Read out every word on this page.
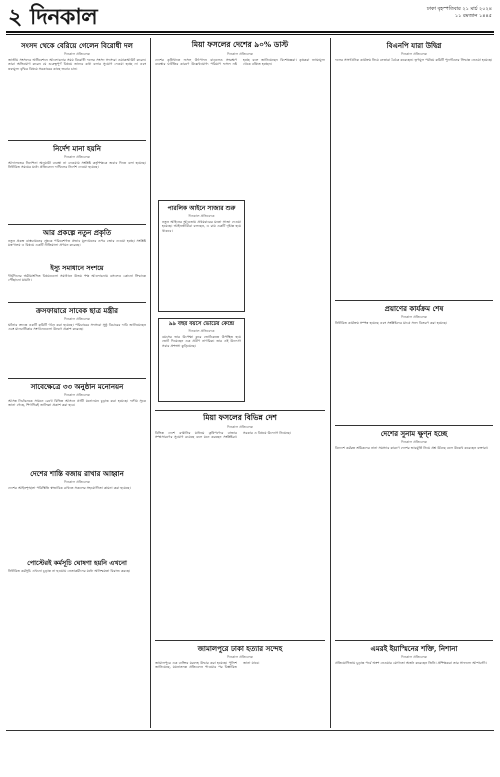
২ দিনকাল	ঢাকা বৃহস্পতিবার ২১ মার্চ ২০২৪
১১ রমজান ১৪৪৫
সংসদ থেকে বেরিয়ে গেলেন বিরোধী দল
দিনকাল প্রতিবেদক
জাতীয় সংসদের অধিবেশনে আলোচনার সময় বিরোধী দলের সংসদ সদস্যরা ওয়াকআউট করেন। তারা অভিযোগ করেন যে গুরুত্বপূর্ণ বিষয়ে তাদের কথা বলার সুযোগ দেওয়া হচ্ছে না এবং দ্রব্যমূল্য বৃদ্ধির বিষয়ে সরকারের কাছে জবাব চান।
নির্দেশ মানা হয়নি
দিনকাল প্রতিবেদক
আদালতের নির্দেশনা অনুযায়ী ব্যবস্থা না নেওয়ায় সংশ্লিষ্ট কর্তৃপক্ষকে জবাব দিতে বলা হয়েছে। নির্ধারিত সময়ের মধ্যে প্রতিবেদন দাখিলের নির্দেশ দেওয়া হয়েছে।
আর প্রকল্পে নতুন প্রকৃতি
নতুন প্রকল্প বাস্তবায়নের ক্ষেত্রে পরিবেশগত প্রভাব মূল্যায়নের ওপর জোর দেওয়া হচ্ছে। সংশ্লিষ্ট মন্ত্রণালয় এ বিষয়ে একটি নীতিমালা প্রণয়ন করেছে।
ইস্যু সমাধানে সংশয়ে
দীর্ঘদিনের অমীমাংসিত বিষয়গুলো সমাধানে উভয় পক্ষ আলোচনায় বসলেও কোনো সিদ্ধান্তে পৌঁছানো যায়নি।
ক্রসফায়ারে সাবেক ছাত্র মন্ত্রীর
দিনকাল প্রতিবেদক
ঘটনার তদন্তে একটি কমিটি গঠন করা হয়েছে। পরিবারের সদস্যরা সুষ্ঠু বিচারের দাবি জানিয়েছেন এবং মানবাধিকার সংগঠনগুলো উদ্বেগ প্রকাশ করেছে।
সাবেক্ষেত্রে ৩৩ অনুষ্ঠান মনোনয়ন
দিনকাল প্রতিবেদক
আসন্ন নির্বাচনকে সামনে রেখে বিভিন্ন আসনে প্রার্থী মনোনয়ন চূড়ান্ত করা হয়েছে। দলীয় সূত্রে জানা গেছে, শিগগিরই তালিকা প্রকাশ করা হবে।
দেশের শান্তি বজায় রাখার আহ্বান
দিনকাল প্রতিবেদক
দেশের আইনশৃঙ্খলা পরিস্থিতি স্বাভাবিক রাখতে সকলের সহযোগিতা কামনা করা হয়েছে।
পোস্টেরই কর্মসূচি ঘোষণা হয়নি এখনো
নির্ধারিত কর্মসূচি এখনো চূড়ান্ত না হওয়ায় নেতাকর্মীদের মধ্যে অনিশ্চয়তা বিরাজ করছে।
মিয়া ফসলের দেশের ৯০% ডাস্ট
দিনকাল প্রতিবেদক
দেশের কৃষিখাতে ফসল উৎপাদন বাড়লেও সংরক্ষণ ব্যবস্থার ঘাটতির কারণে উল্লেখযোগ্য পরিমাণ ফসল নষ্ট হচ্ছে বলে জানিয়েছেন বিশেষজ্ঞরা। কৃষকরা ন্যায্যমূল্য থেকে বঞ্চিত হচ্ছেন।
পারলিক আইনে সাজার শুরু
দিনকাল প্রতিবেদক
নতুন আইনের আওতায় প্রথমবারের মতো সাজা দেওয়া হয়েছে। আইনজীবীরা বলছেন, এ রায় একটি দৃষ্টান্ত হয়ে থাকবে।
৯৯ বছর বয়সে ভোটের কেন্দ্রে
দিনকাল প্রতিবেদক
বয়সের ভার উপেক্ষা করে ভোটকেন্দ্রে উপস্থিত হয়ে ভোট দিয়েছেন এক প্রবীণ নাগরিক। তার এই উদ্যোগ সবার প্রশংসা কুড়িয়েছে।
মিয়া ফসলের বিভিন্ন দেশ
দিনকাল প্রতিবেদক
বিভিন্ন দেশে রপ্তানির মাধ্যমে কৃষিপণ্যের বাজার সম্প্রসারণের সুযোগ রয়েছে বলে মনে করছেন সংশ্লিষ্টরা। সরকার এ বিষয়ে উদ্যোগ নিয়েছে।
জামালপুরে ঢাকা হত্যার সন্দেহ
দিনকাল প্রতিবেদক
জামালপুরে এক ব্যক্তির মরদেহ উদ্ধার করা হয়েছে। পুলিশ জানিয়েছে, ময়নাতদন্ত প্রতিবেদন পাওয়ার পর বিস্তারিত জানা যাবে।
বিএনপি যারা উদ্বিগ্ন
দিনকাল প্রতিবেদক
দলের সাংগঠনিক কার্যক্রম নিয়ে নেতারা বৈঠক করেছেন। তৃণমূল পর্যায়ে কমিটি পুনর্গঠনের সিদ্ধান্ত নেওয়া হয়েছে।
প্রয়াণের কার্যক্রম শেষ
দিনকাল প্রতিবেদক
নির্ধারিত কার্যক্রম সম্পন্ন হয়েছে এবং সংশ্লিষ্টদের মাঝে সনদ বিতরণ করা হয়েছে।
দেশের সুনাম ক্ষুণ্ন হচ্ছে
দিনকাল প্রতিবেদক
বিদেশে কর্মরত শ্রমিকদের নানা সমস্যার কারণে দেশের ভাবমূর্তি নিয়ে প্রশ্ন উঠছে বলে উল্লেখ করেছেন বক্তারা।
এমরই ইয়াস্মিনের শক্তি, নিশানা
দিনকাল প্রতিবেদক
প্রতিযোগিতায় চূড়ান্ত পর্বে অংশ নেওয়ার যোগ্যতা অর্জন করেছেন তিনি। প্রশিক্ষকরা তার সাফল্যে আশাবাদী।
